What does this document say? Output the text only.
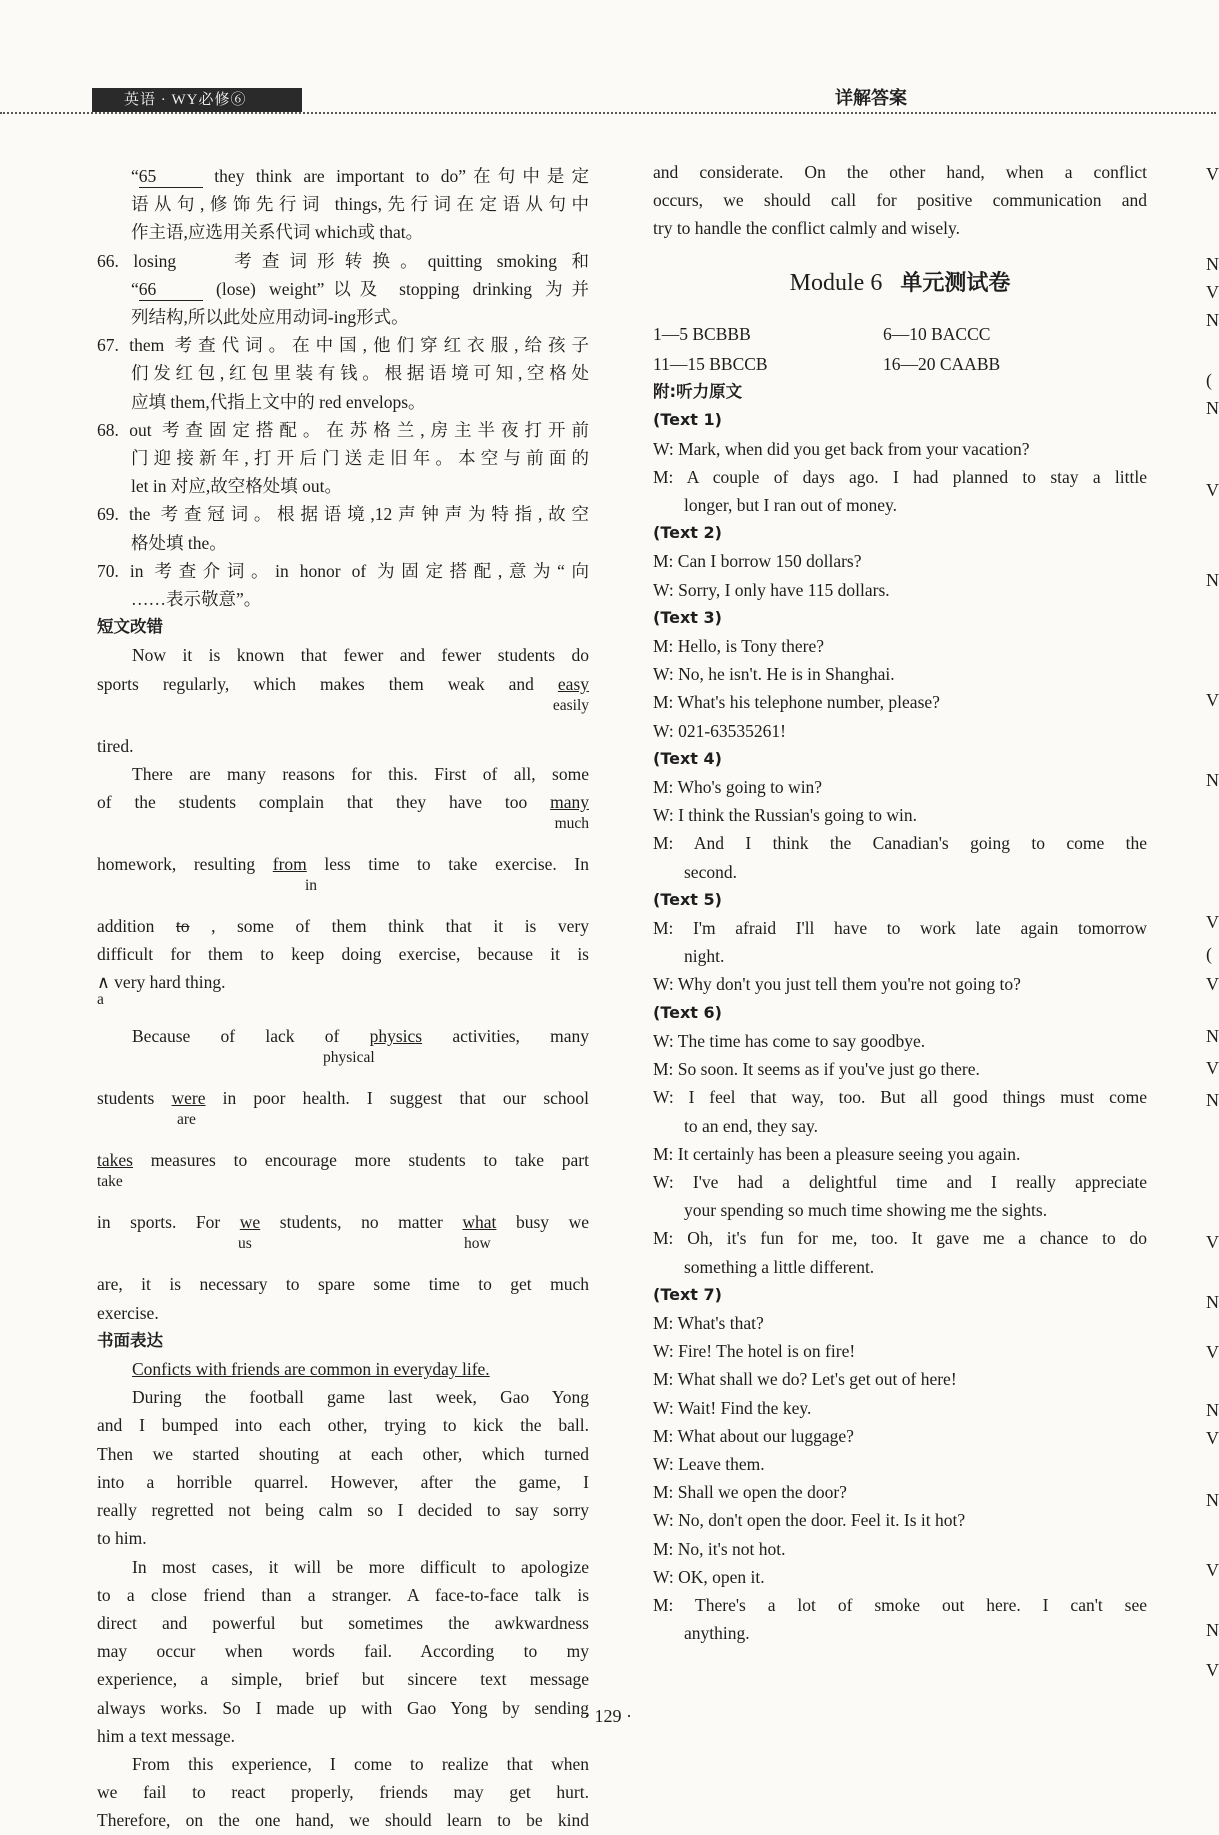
英语 · WY必修⑥	详解答案

“65	they think are important to do”在句中是定

语从句,修饰先行词 things,先行词在定语从句中

作主语,应选用关系代词 which或 that。

66. losing	考查词形转换。quitting smoking 和

“66	(lose) weight”以及 stopping drinking 为并

列结构,所以此处应用动词-ing形式。

67. them 考查代词。在中国,他们穿红衣服,给孩子

们发红包,红包里装有钱。根据语境可知,空格处

应填 them,代指上文中的 red envelops。

68. out 考查固定搭配。在苏格兰,房主半夜打开前

门迎接新年,打开后门送走旧年。本空与前面的

let in 对应,故空格处填 out。

69. the 考查冠词。根据语境,12声钟声为特指,故空

格处填 the。

70. in 考查介词。in honor of 为固定搭配,意为“向

……表示敬意”。

短文改错

Now it is known that fewer and fewer students do

sports regularly, which makes them weak and easy
easily

tired.

There are many reasons for this. First of all, some

of the students complain that they have too many
much
homework, resulting from less time to take exercise. In
in

addition to , some of them think that it is very

difficult for them to keep doing exercise, because it is

∧ very hard thing.
a
Because of lack of physics activities, many
physical
students were in poor health. I suggest that our school
are
takes measures to encourage more students to take part
take
in sports. For we students, no matter what busy we
us	how

are, it is necessary to spare some time to get much

exercise.

书面表达

Conficts with friends are common in everyday life.

During the football game last week, Gao Yong

and I bumped into each other, trying to kick the ball.

Then we started shouting at each other, which turned

into a horrible quarrel. However, after the game, I

really regretted not being calm so I decided to say sorry

to him.

In most cases, it will be more difficult to apologize

to a close friend than a stranger. A face-to-face talk is

direct and powerful but sometimes the awkwardness

may occur when words fail. According to my

experience, a simple, brief but sincere text message

always works. So I made up with Gao Yong by sending

him a text message.

From this experience, I come to realize that when

we fail to react properly, friends may get hurt.

Therefore, on the one hand, we should learn to be kind

and considerate. On the other hand, when a conflict

occurs, we should call for positive communication and

try to handle the conflict calmly and wisely.

Module 6 单元测试卷
1—5 BCBBB	6—10 BACCC
11—15 BBCCB	16—20 CAABB

附:听力原文

(Text 1)

W: Mark, when did you get back from your vacation?

M: A couple of days ago. I had planned to stay a little
longer, but I ran out of money.

(Text 2)

M: Can I borrow 150 dollars?

W: Sorry, I only have 115 dollars.

(Text 3)

M: Hello, is Tony there?

W: No, he isn't. He is in Shanghai.

M: What's his telephone number, please?

W: 021-63535261!

(Text 4)

M: Who's going to win?

W: I think the Russian's going to win.

M: And I think the Canadian's going to come the
second.

(Text 5)

M: I'm afraid I'll have to work late again tomorrow
night.

W: Why don't you just tell them you're not going to?

(Text 6)

W: The time has come to say goodbye.

M: So soon. It seems as if you've just go there.

W: I feel that way, too. But all good things must come
to an end, they say.

M: It certainly has been a pleasure seeing you again.

W: I've had a delightful time and I really appreciate
your spending so much time showing me the sights.

M: Oh, it's fun for me, too. It gave me a chance to do
something a little different.

(Text 7)

M: What's that?

W: Fire! The hotel is on fire!

M: What shall we do? Let's get out of here!

W: Wait! Find the key.

M: What about our luggage?

W: Leave them.

M: Shall we open the door?

W: No, don't open the door. Feel it. Is it hot?

M: No, it's not hot.

W: OK, open it.

M: There's a lot of smoke out here. I can't see
anything.

V
N
V
N
(
N
V
N
V
N
V
(
V
N
V
N
V
N
V
N
V
N
V
N
V
· 129 ·
